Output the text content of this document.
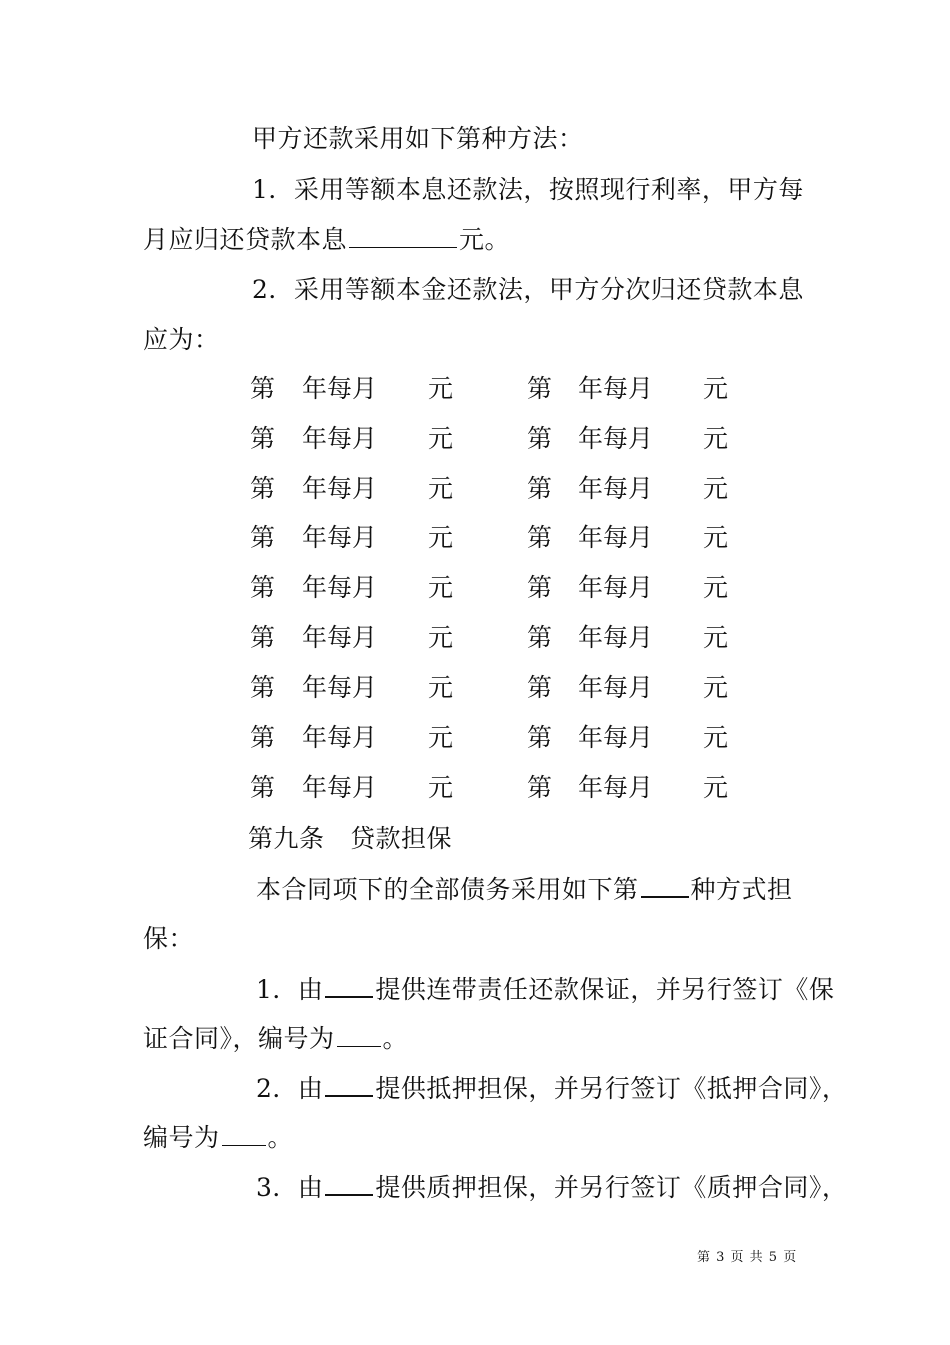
甲方还款采用如下第种方法：
1．采用等额本息还款法，按照现行利率，甲方每
月应归还贷款本息	元。
2．采用等额本金还款法，甲方分次归还贷款本息
应为：
第 年每月 元	第 年每月 元
第 年每月 元	第 年每月 元
第 年每月 元	第 年每月 元
第 年每月 元	第 年每月 元
第 年每月 元	第 年每月 元
第 年每月 元	第 年每月 元
第 年每月 元	第 年每月 元
第 年每月 元	第 年每月 元
第 年每月 元	第 年每月 元
第九条　贷款担保
本合同项下的全部债务采用如下第 种方式担
保：
1．由 提供连带责任还款保证，并另行签订《保
证合同》，编号为 。
2．由 提供抵押担保，并另行签订《抵押合同》，
编号为 。
3．由 提供质押担保，并另行签订《质押合同》，
第 3 页 共 5 页
